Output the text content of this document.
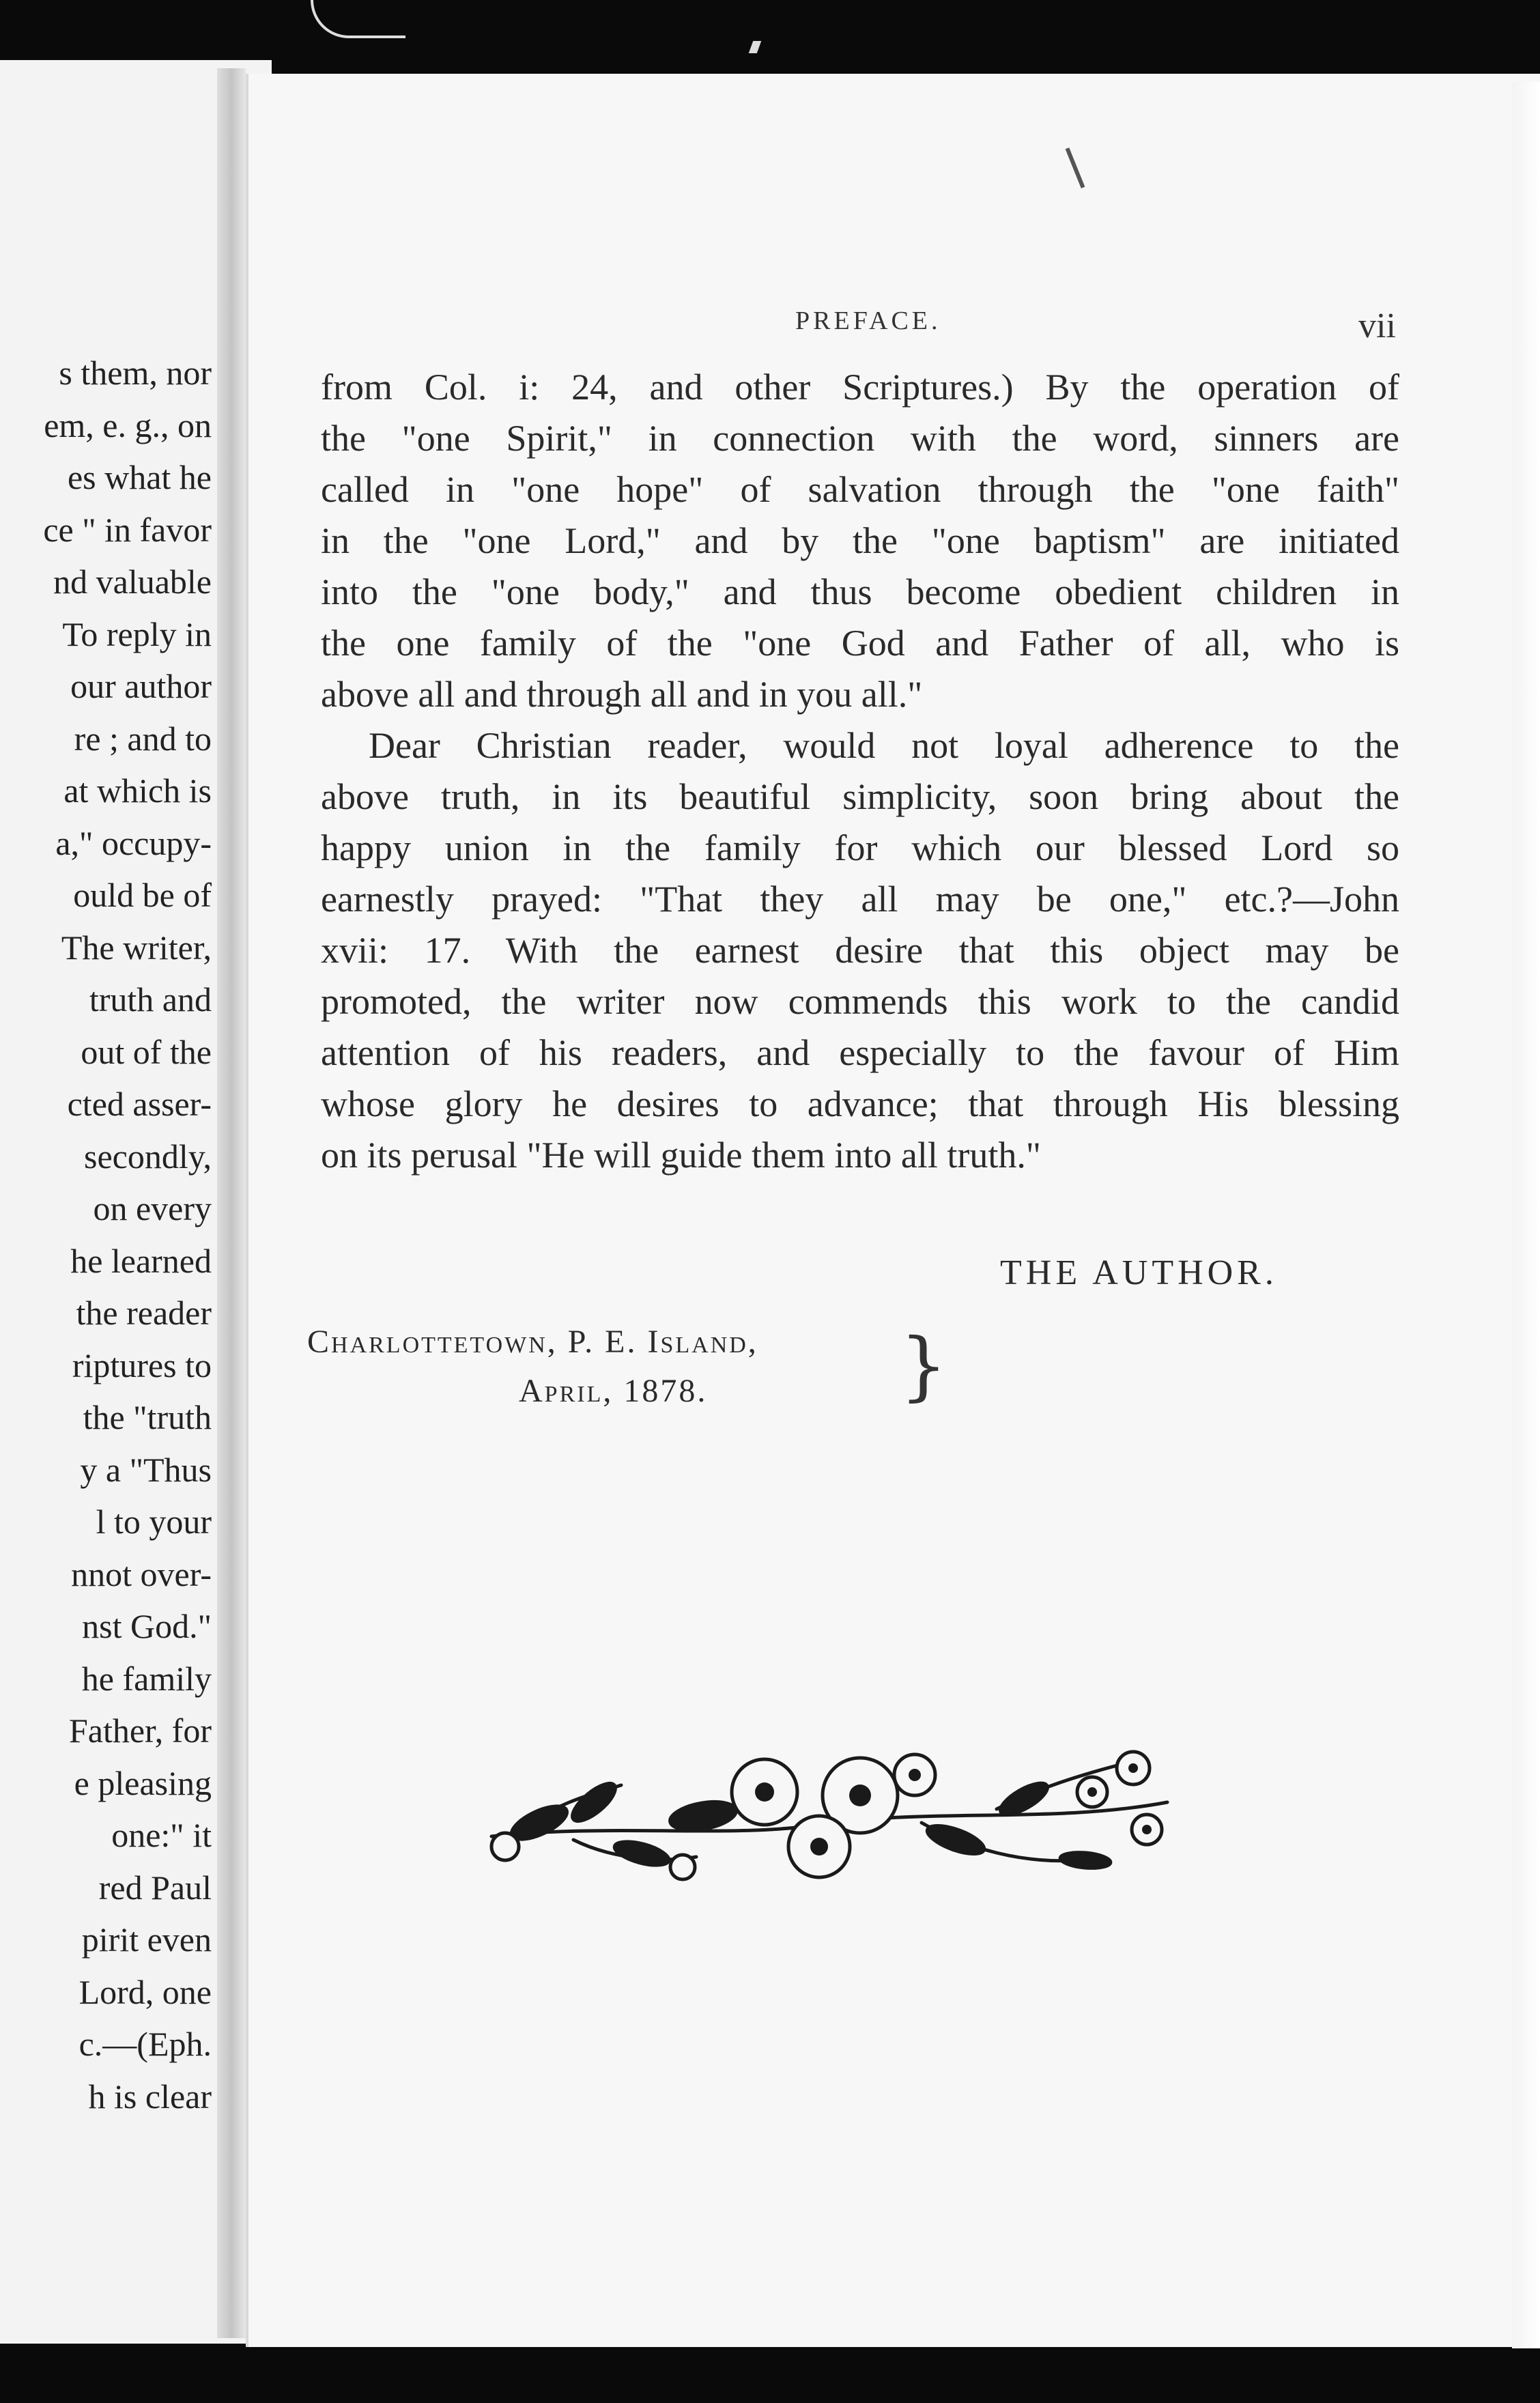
s them, nor
em, e. g., on
es what he
ce " in favor
nd valuable
To reply in
our author
re ; and to
at which is
a," occupy-
ould be of
The writer,
truth and
out of the
cted asser-
secondly,
on every
he learned
the reader
riptures to
the "truth
y a "Thus
l to your
nnot over-
nst God."
he family
Father, for
e pleasing
one:" it
red Paul
pirit even
Lord, one
c.—(Eph.
h is clear
PREFACE.	vii
from Col. i: 24, and other Scriptures.) By the operation of
the "one Spirit," in connection with the word, sinners are
called in "one hope" of salvation through the "one faith"
in the "one Lord," and by the "one baptism" are initiated
into the "one body," and thus become obedient children in
the one family of the "one God and Father of all, who is
above all and through all and in you all."
Dear Christian reader, would not loyal adherence to the
above truth, in its beautiful simplicity, soon bring about the
happy union in the family for which our blessed Lord so
earnestly prayed: "That they all may be one," etc.?—John
xvii: 17. With the earnest desire that this object may be
promoted, the writer now commends this work to the candid
attention of his readers, and especially to the favour of Him
whose glory he desires to advance; that through His blessing
on its perusal "He will guide them into all truth."
THE AUTHOR.
Charlottetown, P. E. Island,
April, 1878.	}
